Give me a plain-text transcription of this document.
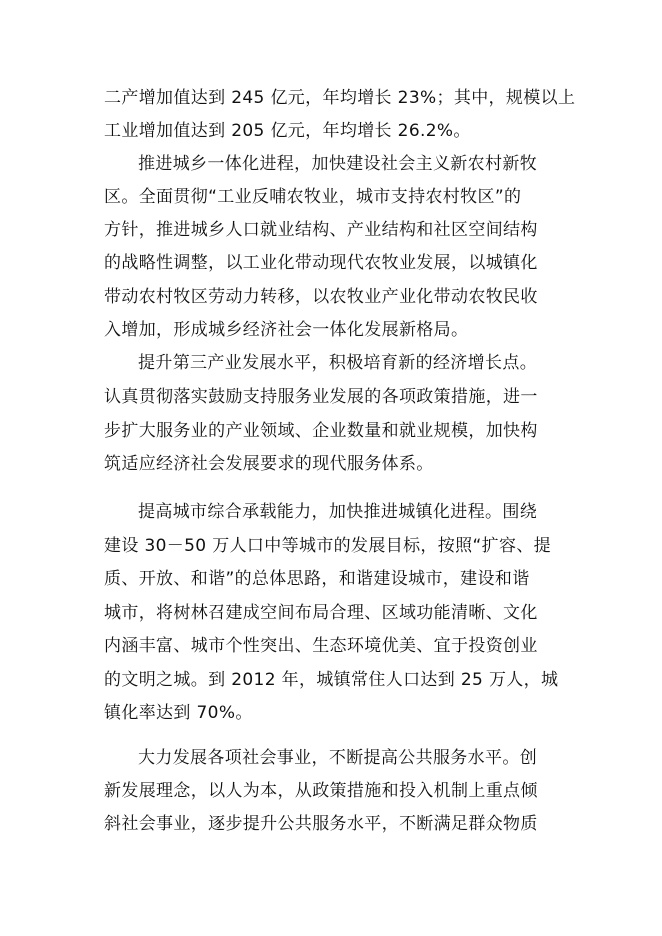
二产增加值达到 245 亿元，年均增长 23%；其中，规模以上
工业增加值达到 205 亿元，年均增长 26.2%。
推进城乡一体化进程，加快建设社会主义新农村新牧
区。全面贯彻“工业反哺农牧业，城市支持农村牧区”的
方针，推进城乡人口就业结构、产业结构和社区空间结构
的战略性调整，以工业化带动现代农牧业发展，以城镇化
带动农村牧区劳动力转移，以农牧业产业化带动农牧民收
入增加，形成城乡经济社会一体化发展新格局。
提升第三产业发展水平，积极培育新的经济增长点。
认真贯彻落实鼓励支持服务业发展的各项政策措施，进一
步扩大服务业的产业领域、企业数量和就业规模，加快构
筑适应经济社会发展要求的现代服务体系。
提高城市综合承载能力，加快推进城镇化进程。围绕
建设 30－50 万人口中等城市的发展目标，按照“扩容、提
质、开放、和谐”的总体思路，和谐建设城市，建设和谐
城市，将树林召建成空间布局合理、区域功能清晰、文化
内涵丰富、城市个性突出、生态环境优美、宜于投资创业
的文明之城。到 2012 年，城镇常住人口达到 25 万人，城
镇化率达到 70%。
大力发展各项社会事业，不断提高公共服务水平。创
新发展理念，以人为本，从政策措施和投入机制上重点倾
斜社会事业，逐步提升公共服务水平，不断满足群众物质
